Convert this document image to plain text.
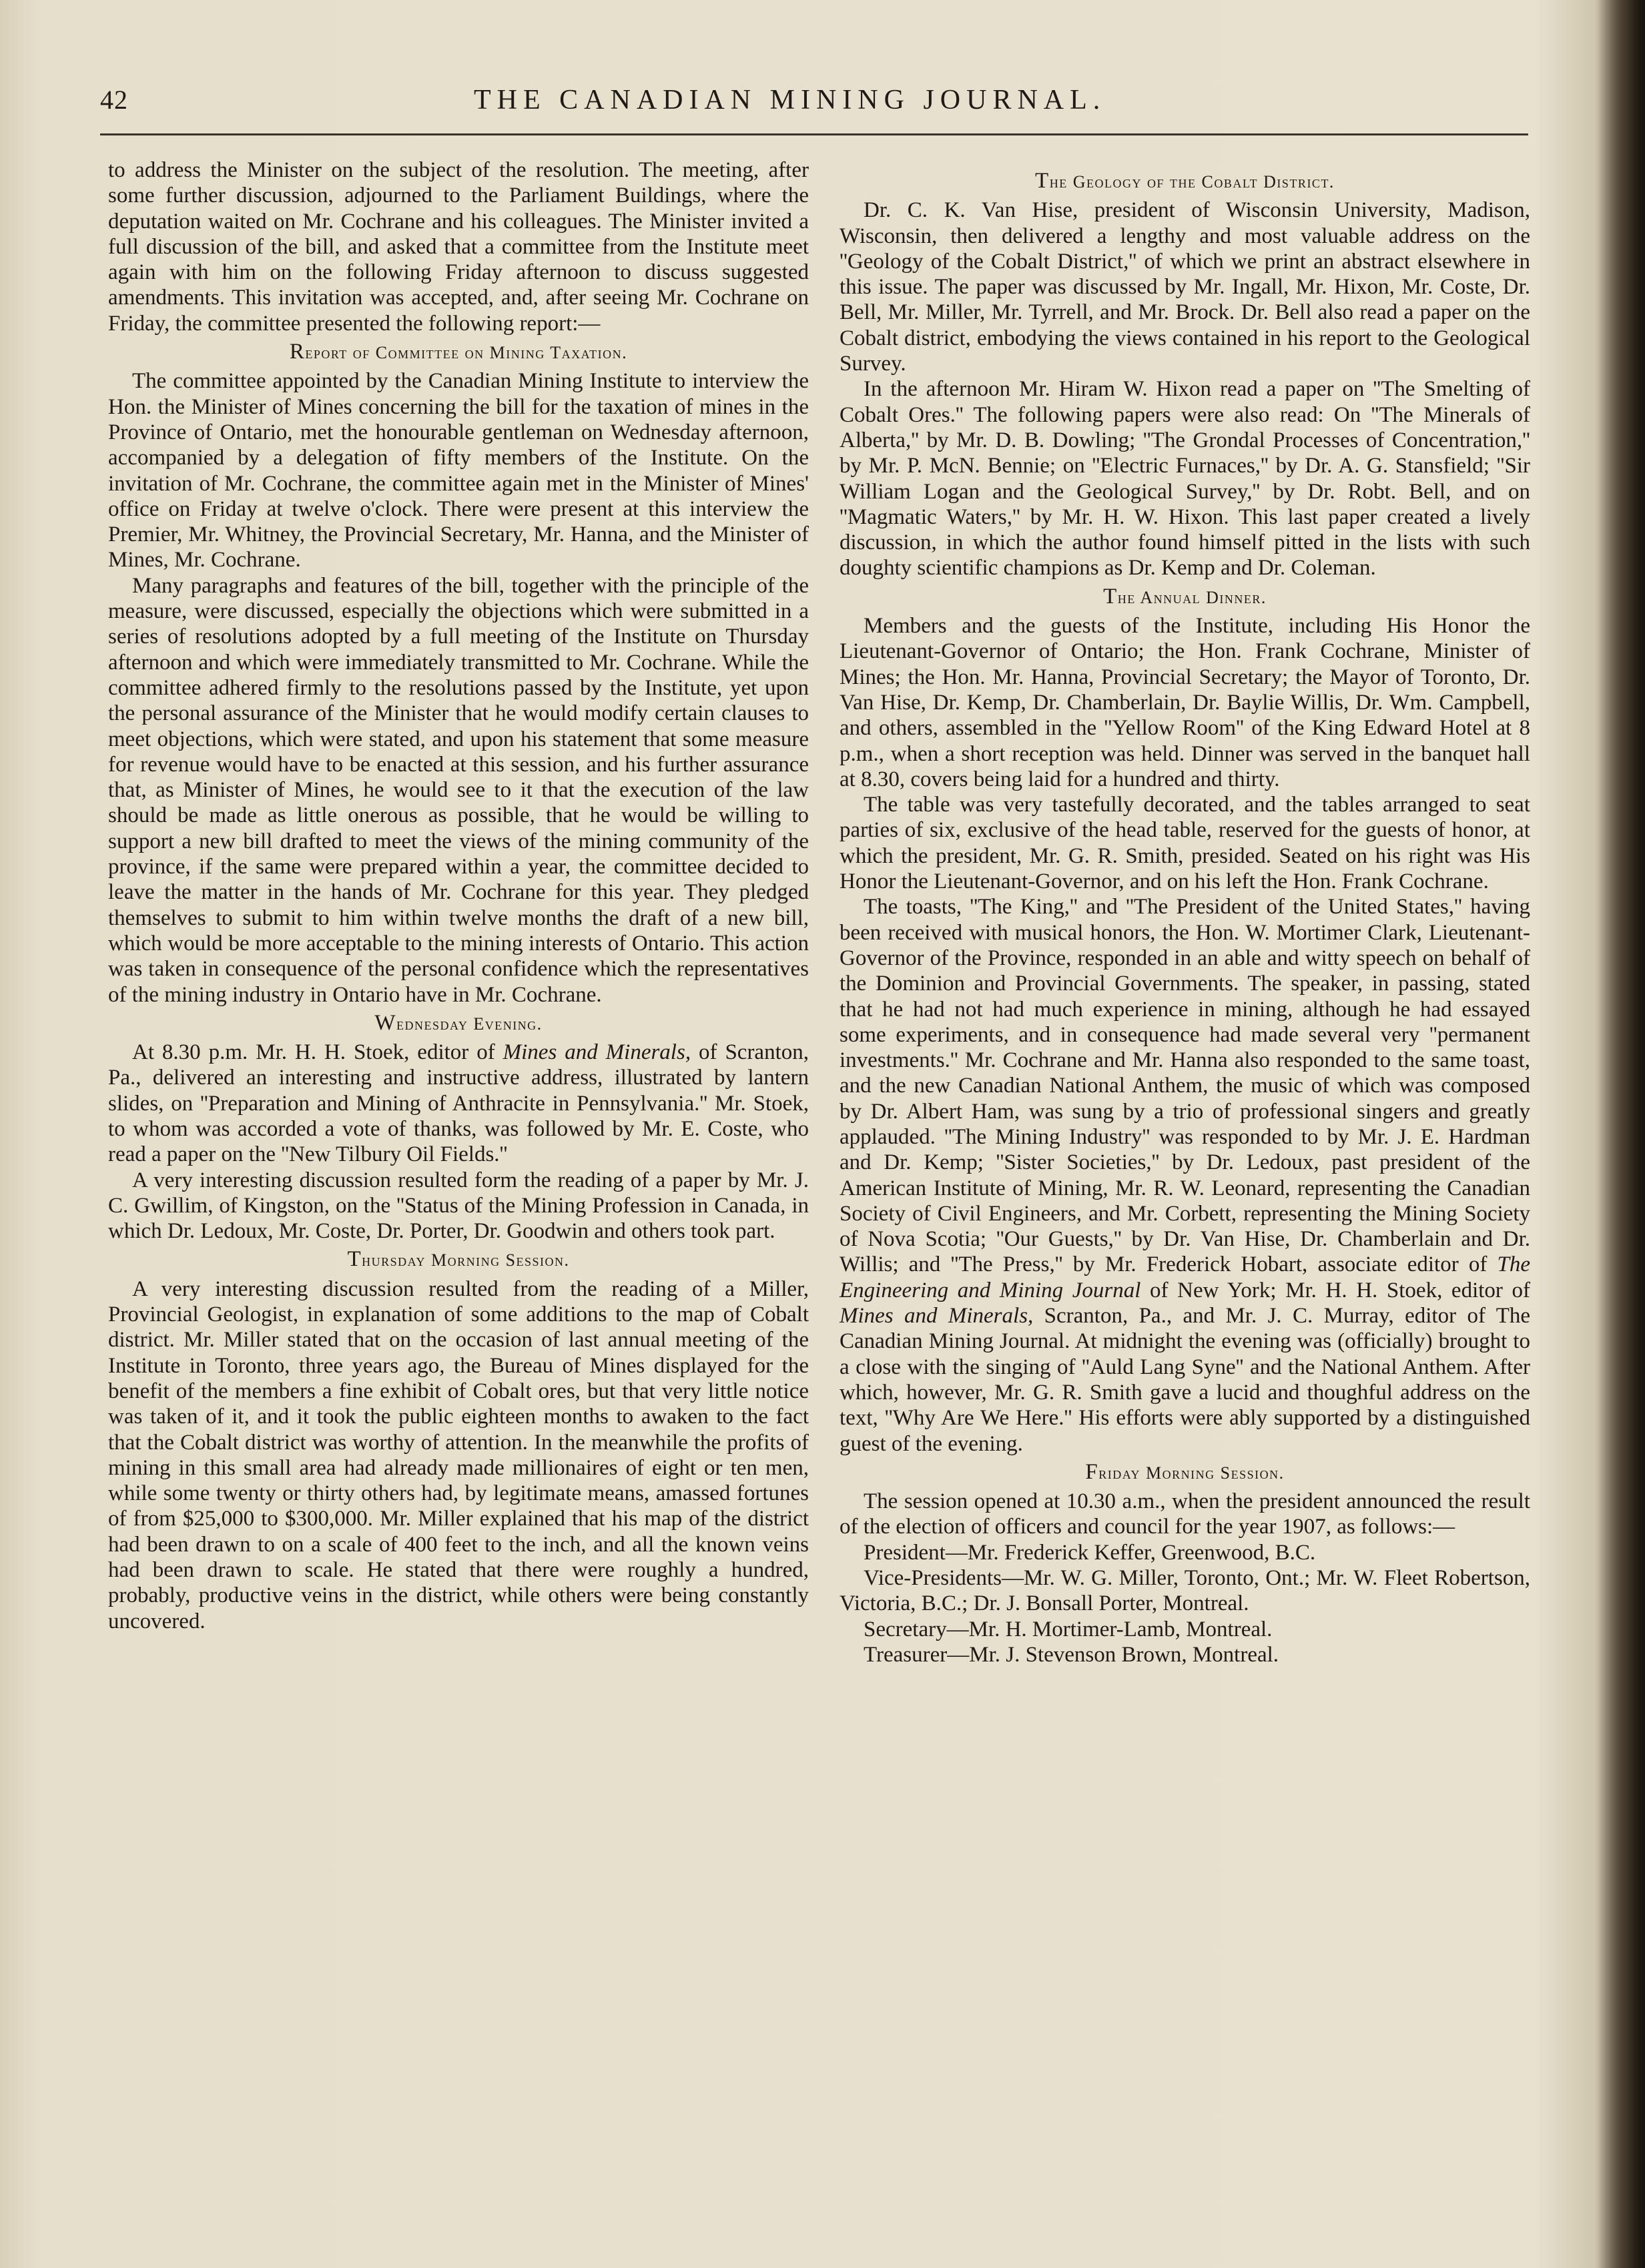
42	THE CANADIAN MINING JOURNAL.

to address the Minister on the subject of the resolution. The meeting, after some further discussion, adjourned to the Parliament Buildings, where the deputation waited on Mr. Cochrane and his colleagues. The Minister invited a full discussion of the bill, and asked that a committee from the Institute meet again with him on the following Friday afternoon to discuss suggested amendments. This invitation was accepted, and, after seeing Mr. Cochrane on Friday, the committee presented the following report:—

Report of Committee on Mining Taxation.

The committee appointed by the Canadian Mining Institute to interview the Hon. the Minister of Mines concerning the bill for the taxation of mines in the Province of Ontario, met the honourable gentleman on Wednesday afternoon, accompanied by a delegation of fifty members of the Institute. On the invitation of Mr. Cochrane, the committee again met in the Minister of Mines' office on Friday at twelve o'clock. There were present at this interview the Premier, Mr. Whitney, the Provincial Secretary, Mr. Hanna, and the Minister of Mines, Mr. Cochrane.

Many paragraphs and features of the bill, together with the principle of the measure, were discussed, especially the objections which were submitted in a series of resolutions adopted by a full meeting of the Institute on Thursday afternoon and which were immediately transmitted to Mr. Cochrane. While the committee adhered firmly to the resolutions passed by the Institute, yet upon the personal assurance of the Minister that he would modify certain clauses to meet objections, which were stated, and upon his statement that some measure for revenue would have to be enacted at this session, and his further assurance that, as Minister of Mines, he would see to it that the execution of the law should be made as little onerous as possible, that he would be willing to support a new bill drafted to meet the views of the mining community of the province, if the same were prepared within a year, the committee decided to leave the matter in the hands of Mr. Cochrane for this year. They pledged themselves to submit to him within twelve months the draft of a new bill, which would be more acceptable to the mining interests of Ontario. This action was taken in consequence of the personal confidence which the representatives of the mining industry in Ontario have in Mr. Cochrane.

Wednesday Evening.

At 8.30 p.m. Mr. H. H. Stoek, editor of Mines and Minerals, of Scranton, Pa., delivered an interesting and instructive address, illustrated by lantern slides, on ''Preparation and Mining of Anthracite in Pennsylvania.'' Mr. Stoek, to whom was accorded a vote of thanks, was followed by Mr. E. Coste, who read a paper on the ''New Tilbury Oil Fields.''

A very interesting discussion resulted form the reading of a paper by Mr. J. C. Gwillim, of Kingston, on the ''Status of the Mining Profession in Canada, in which Dr. Ledoux, Mr. Coste, Dr. Porter, Dr. Goodwin and others took part.

Thursday Morning Session.

A very interesting discussion resulted from the reading of a Miller, Provincial Geologist, in explanation of some additions to the map of Cobalt district. Mr. Miller stated that on the occasion of last annual meeting of the Institute in Toronto, three years ago, the Bureau of Mines displayed for the benefit of the members a fine exhibit of Cobalt ores, but that very little notice was taken of it, and it took the public eighteen months to awaken to the fact that the Cobalt district was worthy of attention. In the meanwhile the profits of mining in this small area had already made millionaires of eight or ten men, while some twenty or thirty others had, by legitimate means, amassed fortunes of from $25,000 to $300,000. Mr. Miller explained that his map of the district had been drawn to on a scale of 400 feet to the inch, and all the known veins had been drawn to scale. He stated that there were roughly a hundred, probably, productive veins in the district, while others were being constantly uncovered.

The Geology of the Cobalt District.

Dr. C. K. Van Hise, president of Wisconsin University, Madison, Wisconsin, then delivered a lengthy and most valuable address on the ''Geology of the Cobalt District,'' of which we print an abstract elsewhere in this issue. The paper was discussed by Mr. Ingall, Mr. Hixon, Mr. Coste, Dr. Bell, Mr. Miller, Mr. Tyrrell, and Mr. Brock. Dr. Bell also read a paper on the Cobalt district, embodying the views contained in his report to the Geological Survey.

In the afternoon Mr. Hiram W. Hixon read a paper on ''The Smelting of Cobalt Ores.'' The following papers were also read: On ''The Minerals of Alberta,'' by Mr. D. B. Dowling; ''The Grondal Processes of Concentration,'' by Mr. P. McN. Bennie; on ''Electric Furnaces,'' by Dr. A. G. Stansfield; ''Sir William Logan and the Geological Survey,'' by Dr. Robt. Bell, and on ''Magmatic Waters,'' by Mr. H. W. Hixon. This last paper created a lively discussion, in which the author found himself pitted in the lists with such doughty scientific champions as Dr. Kemp and Dr. Coleman.

The Annual Dinner.

Members and the guests of the Institute, including His Honor the Lieutenant-Governor of Ontario; the Hon. Frank Cochrane, Minister of Mines; the Hon. Mr. Hanna, Provincial Secretary; the Mayor of Toronto, Dr. Van Hise, Dr. Kemp, Dr. Chamberlain, Dr. Baylie Willis, Dr. Wm. Campbell, and others, assembled in the ''Yellow Room'' of the King Edward Hotel at 8 p.m., when a short reception was held. Dinner was served in the banquet hall at 8.30, covers being laid for a hundred and thirty.

The table was very tastefully decorated, and the tables arranged to seat parties of six, exclusive of the head table, reserved for the guests of honor, at which the president, Mr. G. R. Smith, presided. Seated on his right was His Honor the Lieutenant-Governor, and on his left the Hon. Frank Cochrane.

The toasts, ''The King,'' and ''The President of the United States,'' having been received with musical honors, the Hon. W. Mortimer Clark, Lieutenant-Governor of the Province, responded in an able and witty speech on behalf of the Dominion and Provincial Governments. The speaker, in passing, stated that he had not had much experience in mining, although he had essayed some experiments, and in consequence had made several very ''permanent investments.'' Mr. Cochrane and Mr. Hanna also responded to the same toast, and the new Canadian National Anthem, the music of which was composed by Dr. Albert Ham, was sung by a trio of professional singers and greatly applauded. ''The Mining Industry'' was responded to by Mr. J. E. Hardman and Dr. Kemp; ''Sister Societies,'' by Dr. Ledoux, past president of the American Institute of Mining, Mr. R. W. Leonard, representing the Canadian Society of Civil Engineers, and Mr. Corbett, representing the Mining Society of Nova Scotia; ''Our Guests,'' by Dr. Van Hise, Dr. Chamberlain and Dr. Willis; and ''The Press,'' by Mr. Frederick Hobart, associate editor of The Engineering and Mining Journal of New York; Mr. H. H. Stoek, editor of Mines and Minerals, Scranton, Pa., and Mr. J. C. Murray, editor of The Canadian Mining Journal. At midnight the evening was (officially) brought to a close with the singing of ''Auld Lang Syne'' and the National Anthem. After which, however, Mr. G. R. Smith gave a lucid and thoughful address on the text, ''Why Are We Here.'' His efforts were ably supported by a distinguished guest of the evening.

Friday Morning Session.

The session opened at 10.30 a.m., when the president announced the result of the election of officers and council for the year 1907, as follows:—

President—Mr. Frederick Keffer, Greenwood, B.C.

Vice-Presidents—Mr. W. G. Miller, Toronto, Ont.; Mr. W. Fleet Robertson, Victoria, B.C.; Dr. J. Bonsall Porter, Montreal.

Secretary—Mr. H. Mortimer-Lamb, Montreal.

Treasurer—Mr. J. Stevenson Brown, Montreal.
